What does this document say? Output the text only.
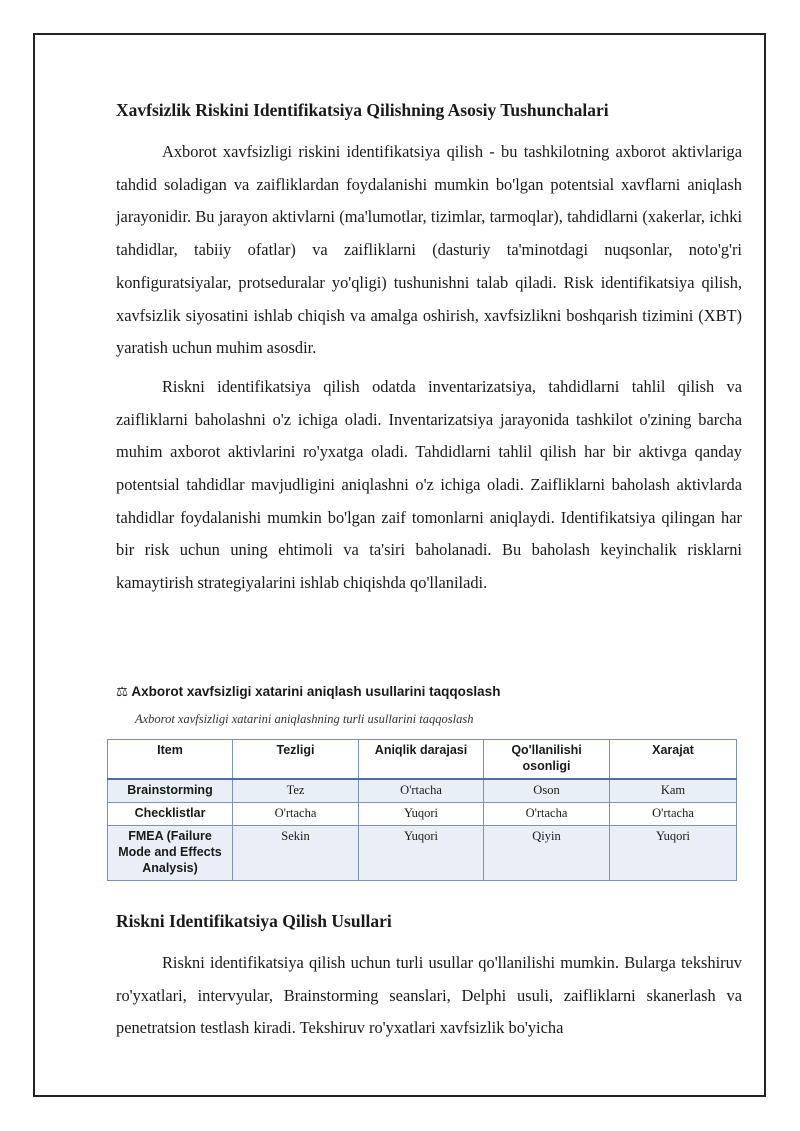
Xavfsizlik Riskini Identifikatsiya Qilishning Asosiy Tushunchalari

Axborot xavfsizligi riskini identifikatsiya qilish - bu tashkilotning axborot aktivlariga tahdid soladigan va zaifliklardan foydalanishi mumkin bo'lgan potentsial xavflarni aniqlash jarayonidir. Bu jarayon aktivlarni (ma'lumotlar, tizimlar, tarmoqlar), tahdidlarni (xakerlar, ichki tahdidlar, tabiiy ofatlar) va zaifliklarni (dasturiy ta'minotdagi nuqsonlar, noto'g'ri konfiguratsiyalar, protseduralar yo'qligi) tushunishni talab qiladi. Risk identifikatsiya qilish, xavfsizlik siyosatini ishlab chiqish va amalga oshirish, xavfsizlikni boshqarish tizimini (XBT) yaratish uchun muhim asosdir.

Riskni identifikatsiya qilish odatda inventarizatsiya, tahdidlarni tahlil qilish va zaifliklarni baholashni o'z ichiga oladi. Inventarizatsiya jarayonida tashkilot o'zining barcha muhim axborot aktivlarini ro'yxatga oladi. Tahdidlarni tahlil qilish har bir aktivga qanday potentsial tahdidlar mavjudligini aniqlashni o'z ichiga oladi. Zaifliklarni baholash aktivlarda tahdidlar foydalanishi mumkin bo'lgan zaif tomonlarni aniqlaydi. Identifikatsiya qilingan har bir risk uchun uning ehtimoli va ta'siri baholanadi. Bu baholash keyinchalik risklarni kamaytirish strategiyalarini ishlab chiqishda qo'llaniladi.

⚖ Axborot xavfsizligi xatarini aniqlash usullarini taqqoslash
Axborot xavfsizligi xatarini aniqlashning turli usullarini taqqoslash
Item	Tezligi	Aniqlik darajasi	Qo'llanilishi osonligi	Xarajat
Brainstorming	Tez	O'rtacha	Oson	Kam
Checklistlar	O'rtacha	Yuqori	O'rtacha	O'rtacha
FMEA (Failure Mode and Effects Analysis)	Sekin	Yuqori	Qiyin	Yuqori
Riskni Identifikatsiya Qilish Usullari

Riskni identifikatsiya qilish uchun turli usullar qo'llanilishi mumkin. Bularga tekshiruv ro'yxatlari, intervyular, Brainstorming seanslari, Delphi usuli, zaifliklarni skanerlash va penetratsion testlash kiradi. Tekshiruv ro'yxatlari xavfsizlik bo'yicha
